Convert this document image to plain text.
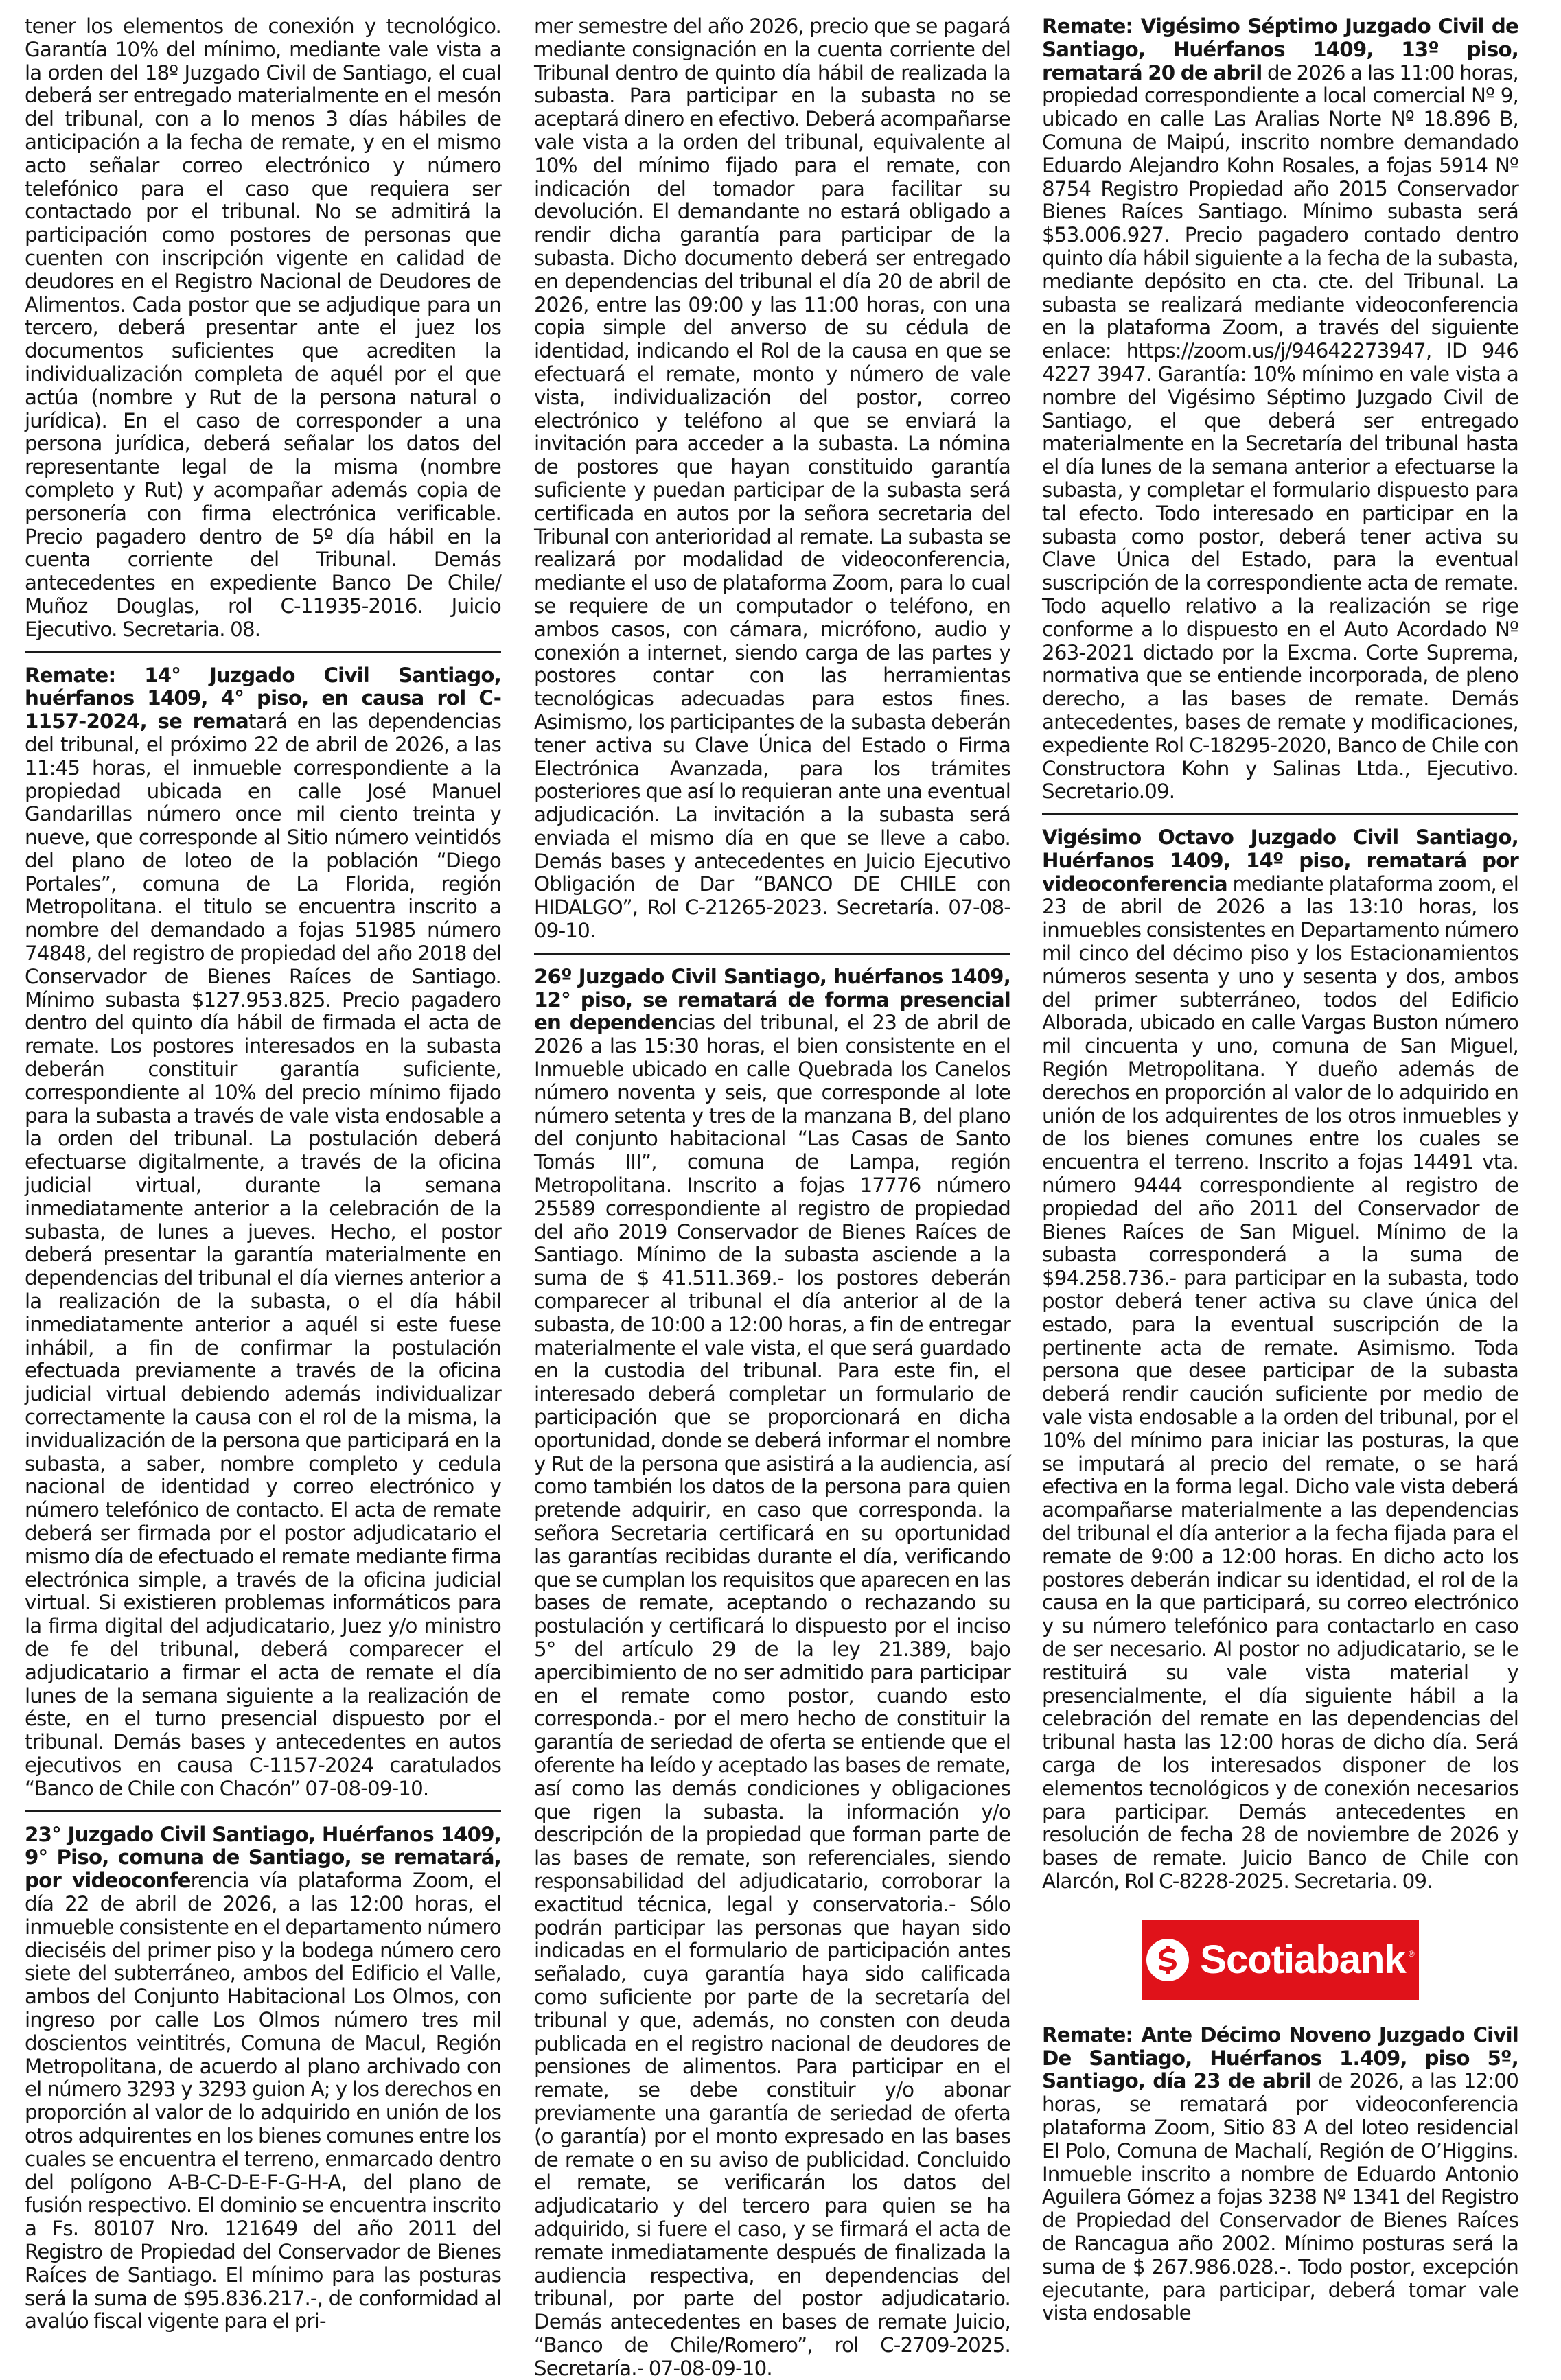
tener los elementos de conexión y tecnológico. Garantía 10% del mínimo, mediante vale vista a la orden del 18º Juzgado Civil de Santiago, el cual deberá ser entregado materialmente en el mesón del tribunal, con a lo menos 3 días hábiles de anticipación a la fecha de remate, y en el mismo acto señalar correo electrónico y número telefónico para el caso que requiera ser contactado por el tribunal. No se admitirá la participación como postores de personas que cuenten con inscripción vigente en calidad de deudores en el Registro Nacional de Deudores de Alimentos. Cada postor que se adjudique para un tercero, deberá presentar ante el juez los documentos suficientes que acrediten la individualización completa de aquél por el que actúa (nombre y Rut de la persona natural o jurídica). En el caso de corresponder a una persona jurídica, deberá señalar los datos del representante legal de la misma (nombre completo y Rut) y acompañar además copia de personería con firma electrónica verificable. Precio pagadero dentro de 5º día hábil en la cuenta corriente del Tribunal. Demás antecedentes en expediente Banco De Chile/ Muñoz Douglas, rol C-11935-2016. Juicio Ejecutivo. Secretaria. 08.

Remate: 14° Juzgado Civil Santiago, huérfanos 1409, 4° piso, en causa rol C-1157-2024, se rematará en las dependencias del tribunal, el próximo 22 de abril de 2026, a las 11:45 horas, el inmueble correspondiente a la propiedad ubicada en calle José Manuel Gandarillas número once mil ciento treinta y nueve, que corresponde al Sitio número veintidós del plano de loteo de la población “Diego Portales”, comuna de La Florida, región Metropolitana. el titulo se encuentra inscrito a nombre del demandado a fojas 51985 número 74848, del registro de propiedad del año 2018 del Conservador de Bienes Raíces de Santiago. Mínimo subasta $127.953.825. Precio pagadero dentro del quinto día hábil de firmada el acta de remate. Los postores interesados en la subasta deberán constituir garantía suficiente, correspondiente al 10% del precio mínimo fijado para la subasta a través de vale vista endosable a la orden del tribunal. La postulación deberá efectuarse digitalmente, a través de la oficina judicial virtual, durante la semana inmediatamente anterior a la celebración de la subasta, de lunes a jueves. Hecho, el postor deberá presentar la garantía materialmente en dependencias del tribunal el día viernes anterior a la realización de la subasta, o el día hábil inmediatamente anterior a aquél si este fuese inhábil, a fin de confirmar la postulación efectuada previamente a través de la oficina judicial virtual debiendo además individualizar correctamente la causa con el rol de la misma, la invidualización de la persona que participará en la subasta, a saber, nombre completo y cedula nacional de identidad y correo electrónico y número telefónico de contacto. El acta de remate deberá ser firmada por el postor adjudicatario el mismo día de efectuado el remate mediante firma electrónica simple, a través de la oficina judicial virtual. Si existieren problemas informáticos para la firma digital del adjudicatario, Juez y/o ministro de fe del tribunal, deberá comparecer el adjudicatario a firmar el acta de remate el día lunes de la semana siguiente a la realización de éste, en el turno presencial dispuesto por el tribunal. Demás bases y antecedentes en autos ejecutivos en causa C-1157-2024 caratulados “Banco de Chile con Chacón” 07-08-09-10.

23° Juzgado Civil Santiago, Huérfanos 1409, 9° Piso, comuna de Santiago, se rematará, por videoconferencia vía plataforma Zoom, el día 22 de abril de 2026, a las 12:00 horas, el inmueble consistente en el departamento número dieciséis del primer piso y la bodega número cero siete del subterráneo, ambos del Edificio el Valle, ambos del Conjunto Habitacional Los Olmos, con ingreso por calle Los Olmos número tres mil doscientos veintitrés, Comuna de Macul, Región Metropolitana, de acuerdo al plano archivado con el número 3293 y 3293 guion A; y los derechos en proporción al valor de lo adquirido en unión de los otros adquirentes en los bienes comunes entre los cuales se encuentra el terreno, enmarcado dentro del polígono A-B-C-D-E-F-G-H-A, del plano de fusión respectivo. El dominio se encuentra inscrito a Fs. 80107 Nro. 121649 del año 2011 del Registro de Propiedad del Conservador de Bienes Raíces de Santiago. El mínimo para las posturas será la suma de $95.836.217.-, de conformidad al avalúo fiscal vigente para el pri-

mer semestre del año 2026, precio que se pagará mediante consignación en la cuenta corriente del Tribunal dentro de quinto día hábil de realizada la subasta. Para participar en la subasta no se aceptará dinero en efectivo. Deberá acompañarse vale vista a la orden del tribunal, equivalente al 10% del mínimo fijado para el remate, con indicación del tomador para facilitar su devolución. El demandante no estará obligado a rendir dicha garantía para participar de la subasta. Dicho documento deberá ser entregado en dependencias del tribunal el día 20 de abril de 2026, entre las 09:00 y las 11:00 horas, con una copia simple del anverso de su cédula de identidad, indicando el Rol de la causa en que se efectuará el remate, monto y número de vale vista, individualización del postor, correo electrónico y teléfono al que se enviará la invitación para acceder a la subasta. La nómina de postores que hayan constituido garantía suficiente y puedan participar de la subasta será certificada en autos por la señora secretaria del Tribunal con anterioridad al remate. La subasta se realizará por modalidad de videoconferencia, mediante el uso de plataforma Zoom, para lo cual se requiere de un computador o teléfono, en ambos casos, con cámara, micrófono, audio y conexión a internet, siendo carga de las partes y postores contar con las herramientas tecnológicas adecuadas para estos fines. Asimismo, los participantes de la subasta deberán tener activa su Clave Única del Estado o Firma Electrónica Avanzada, para los trámites posteriores que así lo requieran ante una eventual adjudicación. La invitación a la subasta será enviada el mismo día en que se lleve a cabo. Demás bases y antecedentes en Juicio Ejecutivo Obligación de Dar “BANCO DE CHILE con HIDALGO”, Rol C-21265-2023. Secretaría. 07-08-09-10.

26º Juzgado Civil Santiago, huérfanos 1409, 12° piso, se rematará de forma presencial en dependencias del tribunal, el 23 de abril de 2026 a las 15:30 horas, el bien consistente en el Inmueble ubicado en calle Quebrada los Canelos número noventa y seis, que corresponde al lote número setenta y tres de la manzana B, del plano del conjunto habitacional “Las Casas de Santo Tomás III”, comuna de Lampa, región Metropolitana. Inscrito a fojas 17776 número 25589 correspondiente al registro de propiedad del año 2019 Conservador de Bienes Raíces de Santiago. Mínimo de la subasta asciende a la suma de $ 41.511.369.- los postores deberán comparecer al tribunal el día anterior al de la subasta, de 10:00 a 12:00 horas, a fin de entregar materialmente el vale vista, el que será guardado en la custodia del tribunal. Para este fin, el interesado deberá completar un formulario de participación que se proporcionará en dicha oportunidad, donde se deberá informar el nombre y Rut de la persona que asistirá a la audiencia, así como también los datos de la persona para quien pretende adquirir, en caso que corresponda. la señora Secretaria certificará en su oportunidad las garantías recibidas durante el día, verificando que se cumplan los requisitos que aparecen en las bases de remate, aceptando o rechazando su postulación y certificará lo dispuesto por el inciso 5° del artículo 29 de la ley 21.389, bajo apercibimiento de no ser admitido para participar en el remate como postor, cuando esto corresponda.- por el mero hecho de constituir la garantía de seriedad de oferta se entiende que el oferente ha leído y aceptado las bases de remate, así como las demás condiciones y obligaciones que rigen la subasta. la información y/o descripción de la propiedad que forman parte de las bases de remate, son referenciales, siendo responsabilidad del adjudicatario, corroborar la exactitud técnica, legal y conservatoria.- Sólo podrán participar las personas que hayan sido indicadas en el formulario de participación antes señalado, cuya garantía haya sido calificada como suficiente por parte de la secretaría del tribunal y que, además, no consten con deuda publicada en el registro nacional de deudores de pensiones de alimentos. Para participar en el remate, se debe constituir y/o abonar previamente una garantía de seriedad de oferta (o garantía) por el monto expresado en las bases de remate o en su aviso de publicidad. Concluido el remate, se verificarán los datos del adjudicatario y del tercero para quien se ha adquirido, si fuere el caso, y se firmará el acta de remate inmediatamente después de finalizada la audiencia respectiva, en dependencias del tribunal, por parte del postor adjudicatario. Demás antecedentes en bases de remate Juicio, “Banco de Chile/Romero”, rol C-2709-2025. Secretaría.- 07-08-09-10.

Remate: Vigésimo Séptimo Juzgado Civil de Santiago, Huérfanos 1409, 13º piso, rematará 20 de abril de 2026 a las 11:00 horas, propiedad correspondiente a local comercial Nº 9, ubicado en calle Las Aralias Norte Nº 18.896 B, Comuna de Maipú, inscrito nombre demandado Eduardo Alejandro Kohn Rosales, a fojas 5914 Nº 8754 Registro Propiedad año 2015 Conservador Bienes Raíces Santiago. Mínimo subasta será $53.006.927. Precio pagadero contado dentro quinto día hábil siguiente a la fecha de la subasta, mediante depósito en cta. cte. del Tribunal. La subasta se realizará mediante videoconferencia en la plataforma Zoom, a través del siguiente enlace: https://zoom.us/j/94642273947, ID 946 4227 3947. Garantía: 10% mínimo en vale vista a nombre del Vigésimo Séptimo Juzgado Civil de Santiago, el que deberá ser entregado materialmente en la Secretaría del tribunal hasta el día lunes de la semana anterior a efectuarse la subasta, y completar el formulario dispuesto para tal efecto. Todo interesado en participar en la subasta como postor, deberá tener activa su Clave Única del Estado, para la eventual suscripción de la correspondiente acta de remate. Todo aquello relativo a la realización se rige conforme a lo dispuesto en el Auto Acordado Nº 263-2021 dictado por la Excma. Corte Suprema, normativa que se entiende incorporada, de pleno derecho, a las bases de remate. Demás antecedentes, bases de remate y modificaciones, expediente Rol C-18295-2020, Banco de Chile con Constructora Kohn y Salinas Ltda., Ejecutivo. Secretario.09.

Vigésimo Octavo Juzgado Civil Santiago, Huérfanos 1409, 14º piso, rematará por videoconferencia mediante plataforma zoom, el 23 de abril de 2026 a las 13:10 horas, los inmuebles consistentes en Departamento número mil cinco del décimo piso y los Estacionamientos números sesenta y uno y sesenta y dos, ambos del primer subterráneo, todos del Edificio Alborada, ubicado en calle Vargas Buston número mil cincuenta y uno, comuna de San Miguel, Región Metropolitana. Y dueño además de derechos en proporción al valor de lo adquirido en unión de los adquirentes de los otros inmuebles y de los bienes comunes entre los cuales se encuentra el terreno. Inscrito a fojas 14491 vta. número 9444 correspondiente al registro de propiedad del año 2011 del Conservador de Bienes Raíces de San Miguel. Mínimo de la subasta corresponderá a la suma de $94.258.736.- para participar en la subasta, todo postor deberá tener activa su clave única del estado, para la eventual suscripción de la pertinente acta de remate. Asimismo. Toda persona que desee participar de la subasta deberá rendir caución suficiente por medio de vale vista endosable a la orden del tribunal, por el 10% del mínimo para iniciar las posturas, la que se imputará al precio del remate, o se hará efectiva en la forma legal. Dicho vale vista deberá acompañarse materialmente a las dependencias del tribunal el día anterior a la fecha fijada para el remate de 9:00 a 12:00 horas. En dicho acto los postores deberán indicar su identidad, el rol de la causa en la que participará, su correo electrónico y su número telefónico para contactarlo en caso de ser necesario. Al postor no adjudicatario, se le restituirá su vale vista material y presencialmente, el día siguiente hábil a la celebración del remate en las dependencias del tribunal hasta las 12:00 horas de dicho día. Será carga de los interesados disponer de los elementos tecnológicos y de conexión necesarios para participar. Demás antecedentes en resolución de fecha 28 de noviembre de 2026 y bases de remate. Juicio Banco de Chile con Alarcón, Rol C-8228-2025. Secretaria. 09.

Scotiabank ®

Remate: Ante Décimo Noveno Juzgado Civil De Santiago, Huérfanos 1.409, piso 5º, Santiago, día 23 de abril de 2026, a las 12:00 horas, se rematará por videoconferencia plataforma Zoom, Sitio 83 A del loteo residencial El Polo, Comuna de Machalí, Región de O’Higgins. Inmueble inscrito a nombre de Eduardo Antonio Aguilera Gómez a fojas 3238 Nº 1341 del Registro de Propiedad del Conservador de Bienes Raíces de Rancagua año 2002. Mínimo posturas será la suma de $ 267.986.028.-. Todo postor, excepción ejecutante, para participar, deberá tomar vale vista endosable
